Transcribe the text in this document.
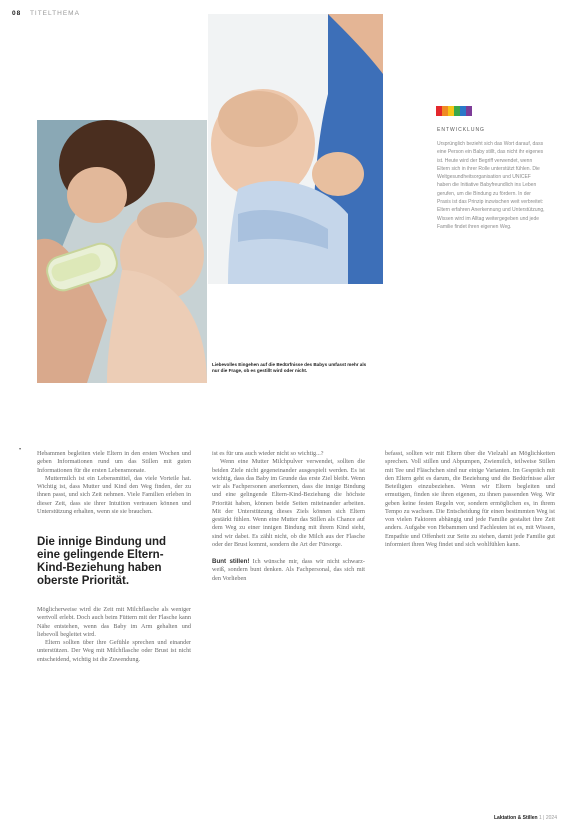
08 TITELTHEMA
Liebevolles Eingehen auf die Bedürfnisse des Babys umfasst mehr als nur die Frage, ob es gestillt wird oder nicht.
ENTWICKLUNG
Ursprünglich bezieht sich das Wort darauf, dass eine Person ein Baby stillt, das nicht ihr eigenes ist. Heute wird der Begriff verwendet, wenn Eltern sich in ihrer Rolle unterstützt fühlen. Die Weltgesundheitsorganisation und UNICEF haben die Initiative Babyfreundlich ins Leben gerufen, um die Bindung zu fördern. In der Praxis ist das Prinzip inzwischen weit verbreitet: Eltern erfahren Anerkennung und Unterstützung, Wissen wird im Alltag weitergegeben und jede Familie findet ihren eigenen Weg.
•	Hebammen begleiten viele Eltern in den ersten Wochen und geben Informationen rund um das Stillen mit guten Informationen für die ersten Lebensmonate.

Muttermilch ist ein Lebensmittel, das viele Vorteile hat. Wichtig ist, dass Mutter und Kind den Weg finden, der zu ihnen passt, und sich Zeit nehmen. Viele Familien erleben in dieser Zeit, dass sie ihrer Intuition vertrauen können und Unterstützung erhalten, wenn sie sie brauchen.

Die innige Bindung und eine gelingende Eltern-Kind-Beziehung haben oberste Priorität.

Möglicherweise wird die Zeit mit Milchflasche als weniger wertvoll erlebt. Doch auch beim Füttern mit der Flasche kann Nähe entstehen, wenn das Baby im Arm gehalten und liebevoll begleitet wird.

Eltern sollten über ihre Gefühle sprechen und einander unterstützen. Der Weg mit Milchflasche oder Brust ist nicht entscheidend, wichtig ist die Zuwendung.

ist es für uns auch wieder nicht so wichtig...?

Wenn eine Mutter Milchpulver verwendet, sollten die beiden Ziele nicht gegeneinander ausgespielt werden. Es ist wichtig, dass das Baby im Grunde das erste Ziel bleibt. Wenn wir als Fachpersonen anerkennen, dass die innige Bindung und eine gelingende Eltern-Kind-Beziehung die höchste Priorität haben, können beide Seiten miteinander arbeiten. Mit der Unterstützung dieses Ziels können sich Eltern gestärkt fühlen. Wenn eine Mutter das Stillen als Chance auf dem Weg zu einer innigen Bindung mit ihrem Kind sieht, sind wir dabei. Es zählt nicht, ob die Milch aus der Flasche oder der Brust kommt, sondern die Art der Fürsorge.

Bunt stillen! Ich wünsche mir, dass wir nicht schwarz-weiß, sondern bunt denken. Als Fachpersonal, das sich mit den Vorlieben

befasst, sollten wir mit Eltern über die Vielzahl an Möglichkeiten sprechen. Voll stillen und Abpumpen, Zwiemilch, teilweise Stillen mit Tee und Fläschchen sind nur einige Varianten. Im Gespräch mit den Eltern geht es darum, die Beziehung und die Bedürfnisse aller Beteiligten einzubeziehen. Wenn wir Eltern begleiten und ermutigen, finden sie ihren eigenen, zu ihnen passenden Weg. Wir geben keine festen Regeln vor, sondern ermöglichen es, in ihrem Tempo zu wachsen. Die Entscheidung für einen bestimmten Weg ist von vielen Faktoren abhängig und jede Familie gestaltet ihre Zeit anders. Aufgabe von Hebammen und Fachleuten ist es, mit Wissen, Empathie und Offenheit zur Seite zu stehen, damit jede Familie gut informiert ihren Weg findet und sich wohlfühlen kann.

Laktation & Stillen 1 | 2024
